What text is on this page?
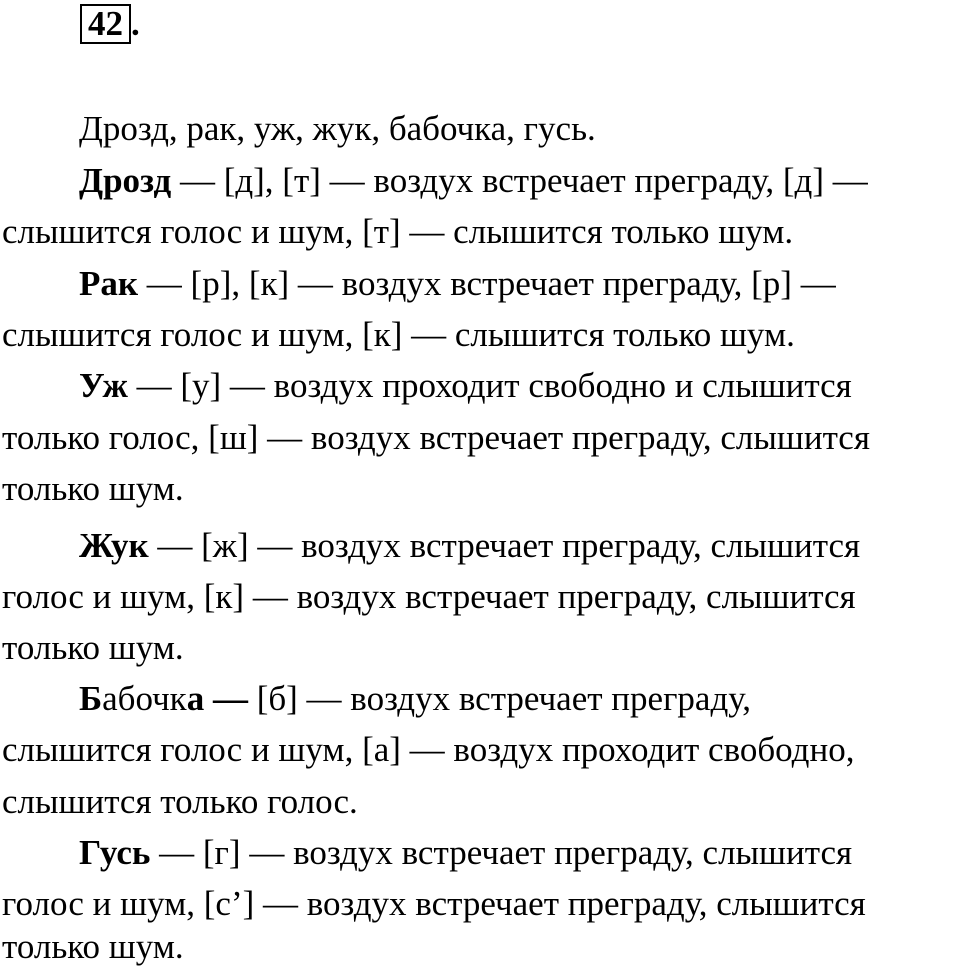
42 .
Дрозд, рак, уж, жук, бабочка, гусь.
Дрозд — [д], [т] — воздух встречает преграду, [д] —
слышится голос и шум, [т] — слышится только шум.
Рак — [р], [к] — воздух встречает преграду, [р] —
слышится голос и шум, [к] — слышится только шум.
Уж — [у] — воздух проходит свободно и слышится
только голос, [ш] — воздух встречает преграду, слышится
только шум.
Жук — [ж] — воздух встречает преграду, слышится
голос и шум, [к] — воздух встречает преграду, слышится
только шум.
Бабочка — [б] — воздух встречает преграду,
слышится голос и шум, [а] — воздух проходит свободно,
слышится только голос.
Гусь — [г] — воздух встречает преграду, слышится
голос и шум, [с’] — воздух встречает преграду, слышится
только шум.
